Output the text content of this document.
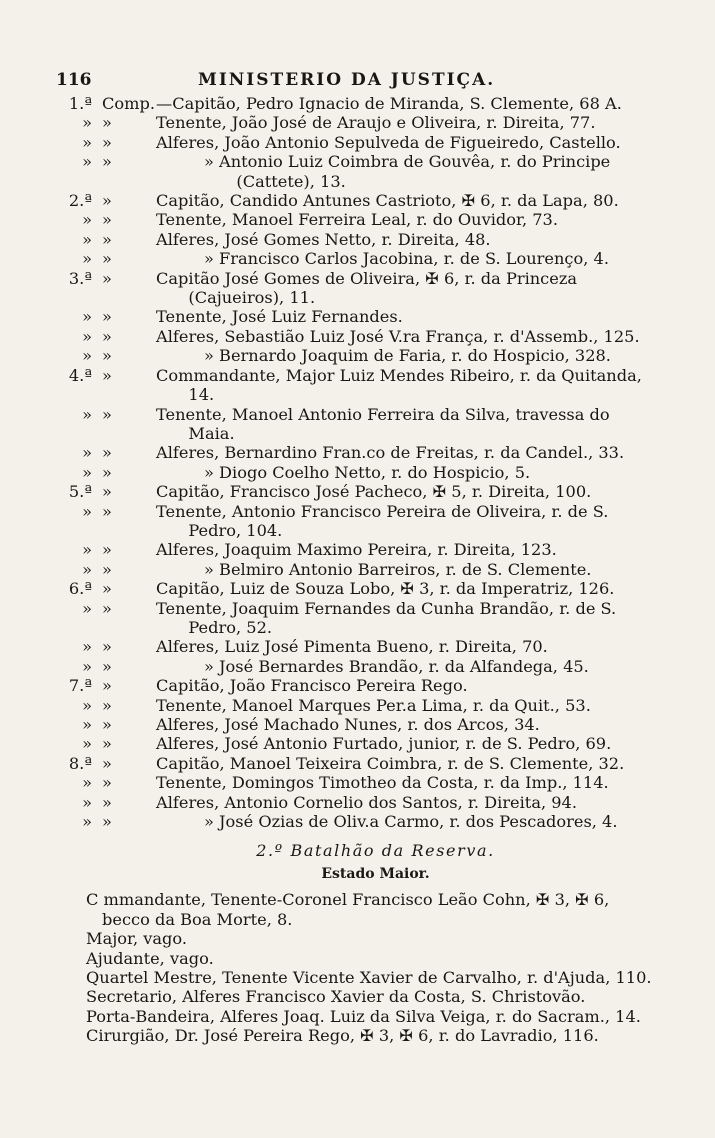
116	MINISTERIO DA JUSTIÇA.
1.ª Comp. —Capitão, Pedro Ignacio de Miranda, S. Clemente, 68 A.
» »	Tenente, João José de Araujo e Oliveira, r. Direita, 77.
» »	Alferes, João Antonio Sepulveda de Figueiredo, Castello.
» »	» Antonio Luiz Coimbra de Gouvêa, r. do Principe (Cattete), 13.
2.ª »	Capitão, Candido Antunes Castrioto, ✠ 6, r. da Lapa, 80.
» »	Tenente, Manoel Ferreira Leal, r. do Ouvidor, 73.
» »	Alferes, José Gomes Netto, r. Direita, 48.
» »	» Francisco Carlos Jacobina, r. de S. Lourenço, 4.
3.ª »	Capitão José Gomes de Oliveira, ✠ 6, r. da Princeza (Cajueiros), 11.
» »	Tenente, José Luiz Fernandes.
» »	Alferes, Sebastião Luiz José V.ra França, r. d'Assemb., 125.
» »	» Bernardo Joaquim de Faria, r. do Hospicio, 328.
4.ª »	Commandante, Major Luiz Mendes Ribeiro, r. da Quitanda, 14.
» »	Tenente, Manoel Antonio Ferreira da Silva, travessa do Maia.
» »	Alferes, Bernardino Fran.co de Freitas, r. da Candel., 33.
» »	» Diogo Coelho Netto, r. do Hospicio, 5.
5.ª »	Capitão, Francisco José Pacheco, ✠ 5, r. Direita, 100.
» »	Tenente, Antonio Francisco Pereira de Oliveira, r. de S. Pedro, 104.
» »	Alferes, Joaquim Maximo Pereira, r. Direita, 123.
» »	» Belmiro Antonio Barreiros, r. de S. Clemente.
6.ª »	Capitão, Luiz de Souza Lobo, ✠ 3, r. da Imperatriz, 126.
» »	Tenente, Joaquim Fernandes da Cunha Brandão, r. de S. Pedro, 52.
» »	Alferes, Luiz José Pimenta Bueno, r. Direita, 70.
» »	» José Bernardes Brandão, r. da Alfandega, 45.
7.ª »	Capitão, João Francisco Pereira Rego.
» »	Tenente, Manoel Marques Per.a Lima, r. da Quit., 53.
» »	Alferes, José Machado Nunes, r. dos Arcos, 34.
» »	Alferes, José Antonio Furtado, junior, r. de S. Pedro, 69.
8.ª »	Capitão, Manoel Teixeira Coimbra, r. de S. Clemente, 32.
» »	Tenente, Domingos Timotheo da Costa, r. da Imp., 114.
» »	Alferes, Antonio Cornelio dos Santos, r. Direita, 94.
» »	» José Ozias de Oliv.a Carmo, r. dos Pescadores, 4.
2.º Batalhão da Reserva.
Estado Maior.
C mmandante, Tenente-Coronel Francisco Leão Cohn, ✠ 3, ✠ 6, becco da Boa Morte, 8.
Major, vago.
Ajudante, vago.
Quartel Mestre, Tenente Vicente Xavier de Carvalho, r. d'Ajuda, 110.
Secretario, Alferes Francisco Xavier da Costa, S. Christovão.
Porta-Bandeira, Alferes Joaq. Luiz da Silva Veiga, r. do Sacram., 14.
Cirurgião, Dr. José Pereira Rego, ✠ 3, ✠ 6, r. do Lavradio, 116.
